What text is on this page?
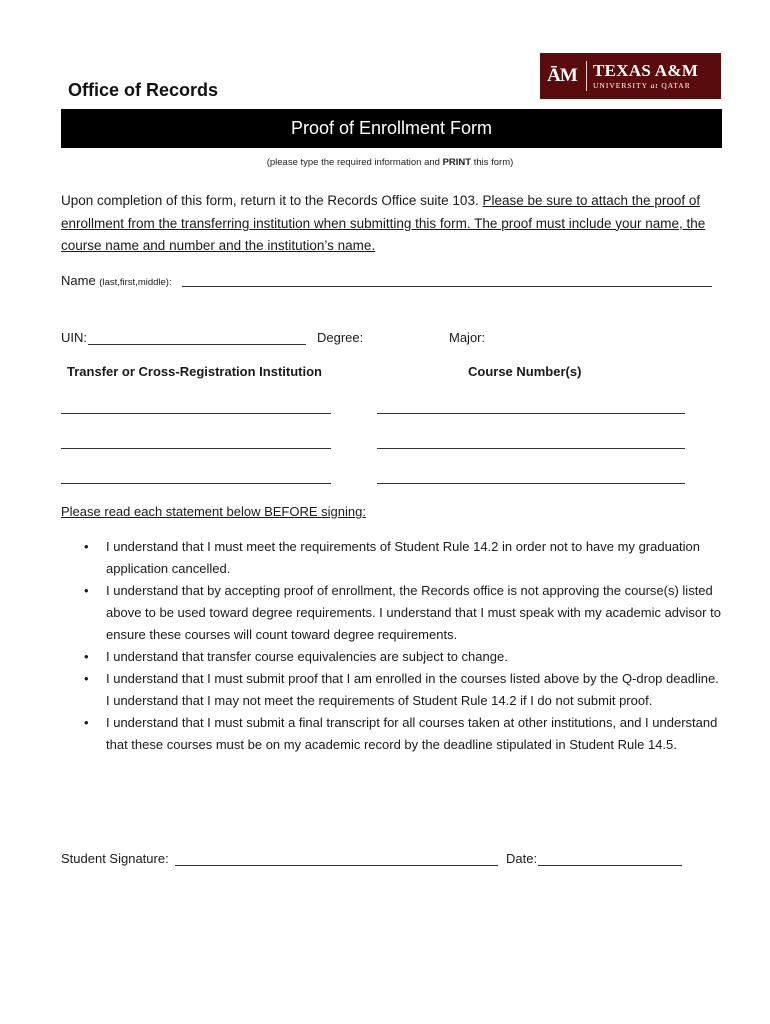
Office of Records
ĀM TEXAS A&M
UNIVERSITY at QATAR
Proof of Enrollment Form
(please type the required information and PRINT this form)
Upon completion of this form, return it to the Records Office suite 103. Please be sure to attach the proof of enrollment from the transferring institution when submitting this form. The proof must include your name, the course name and number and the institution’s name.
Name (last,first,middle):
UIN:	Degree:	Major:
Transfer or Cross-Registration Institution	Course Number(s)
Please read each statement below BEFORE signing:
• I understand that I must meet the requirements of Student Rule 14.2 in order not to have my graduation application cancelled.
• I understand that by accepting proof of enrollment, the Records office is not approving the course(s) listed above to be used toward degree requirements. I understand that I must speak with my academic advisor to ensure these courses will count toward degree requirements.
• I understand that transfer course equivalencies are subject to change.
• I understand that I must submit proof that I am enrolled in the courses listed above by the Q-drop deadline. I understand that I may not meet the requirements of Student Rule 14.2 if I do not submit proof.
• I understand that I must submit a final transcript for all courses taken at other institutions, and I understand that these courses must be on my academic record by the deadline stipulated in Student Rule 14.5.
Student Signature:	Date:
